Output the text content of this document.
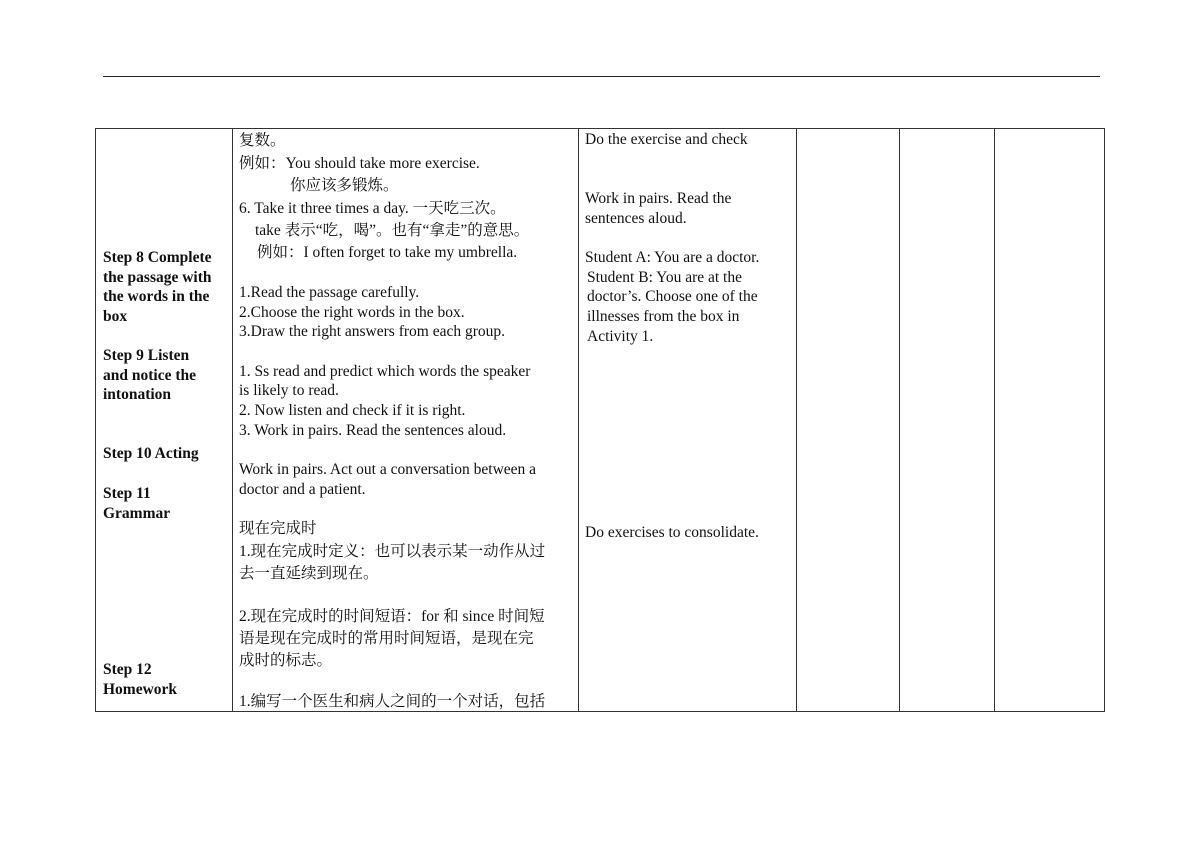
Step 8 Complete
the passage with
the words in the
box
Step 9 Listen
and notice the
intonation
Step 10 Acting
Step 11
Grammar
Step 12
Homework
复数。
例如：You should take more exercise.
你应该多锻炼。
6. Take it three times a day. 一天吃三次。
take 表示“吃，喝”。也有“拿走”的意思。
例如：I often forget to take my umbrella.
1.Read the passage carefully.
2.Choose the right words in the box.
3.Draw the right answers from each group.
1. Ss read and predict which words the speaker
is likely to read.
2. Now listen and check if it is right.
3. Work in pairs. Read the sentences aloud.
Work in pairs. Act out a conversation between a
doctor and a patient.
现在完成时
1.现在完成时定义：也可以表示某一动作从过
去一直延续到现在。
2.现在完成时的时间短语：for 和 since 时间短
语是现在完成时的常用时间短语，是现在完
成时的标志。
1.编写一个医生和病人之间的一个对话，包括
Do the exercise and check
Work in pairs. Read the
sentences aloud.
Student A: You are a doctor.
Student B: You are at the
doctor’s. Choose one of the
illnesses from the box in
Activity 1.
Do exercises to consolidate.
